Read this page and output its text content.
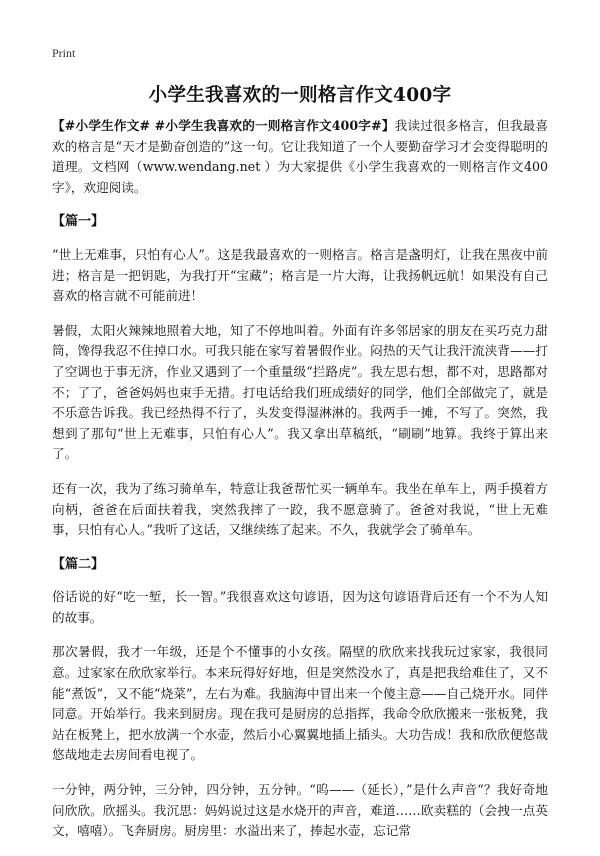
Print
小学生我喜欢的一则格言作文400字

【#小学生作文# #小学生我喜欢的一则格言作文400字#】我读过很多格言，但我最喜欢的格言是“天才是勤奋创造的”这一句。它让我知道了一个人要勤奋学习才会变得聪明的道理。文档网（www.wendang.net ）为大家提供《小学生我喜欢的一则格言作文400字》，欢迎阅读。

【篇一】

“世上无难事，只怕有心人”。这是我最喜欢的一则格言。格言是盏明灯，让我在黑夜中前进；格言是一把钥匙，为我打开“宝藏”；格言是一片大海，让我扬帆远航！如果没有自己喜欢的格言就不可能前进！

暑假，太阳火辣辣地照着大地，知了不停地叫着。外面有许多邻居家的朋友在买巧克力甜筒，馋得我忍不住掉口水。可我只能在家写着暑假作业。闷热的天气让我汗流浃背——打了空调也于事无济，作业又遇到了一个重量级“拦路虎”。我左思右想，都不对，思路都对不；了了，爸爸妈妈也束手无措。打电话给我们班成绩好的同学，他们全部做完了，就是不乐意告诉我。我已经热得不行了，头发变得湿淋淋的。我两手一摊，不写了。突然，我想到了那句“世上无难事，只怕有心人”。我又拿出草稿纸，“刷刷”地算。我终于算出来了。

还有一次，我为了练习骑单车，特意让我爸帮忙买一辆单车。我坐在单车上，两手摸着方向柄，爸爸在后面扶着我，突然我摔了一跤，我不愿意骑了。爸爸对我说，“世上无难事，只怕有心人。”我听了这话，又继续练了起来。不久，我就学会了骑单车。

【篇二】

俗话说的好“吃一堑，长一智。”我很喜欢这句谚语，因为这句谚语背后还有一个不为人知的故事。

那次暑假，我才一年级，还是个不懂事的小女孩。隔壁的欣欣来找我玩过家家，我很同意。过家家在欣欣家举行。本来玩得好好地，但是突然没水了，真是把我给难住了，又不能“煮饭”，又不能“烧菜”，左右为难。我脑海中冒出来一个傻主意——自己烧开水。同伴同意。开始举行。我来到厨房。现在我可是厨房的总指挥，我命令欣欣搬来一张板凳，我站在板凳上，把水放满一个水壶，然后小心翼翼地插上插头。大功告成！我和欣欣便悠哉悠哉地走去房间看电视了。

一分钟，两分钟，三分钟，四分钟，五分钟。“呜——（延长），”是什么声音“？我好奇地问欣欣。欣摇头。我沉思：妈妈说过这是水烧开的声音，难道……欧卖糕的（会拽一点英文，嘻嘻）。飞奔厨房。厨房里：水溢出来了，捧起水壶，忘记常
